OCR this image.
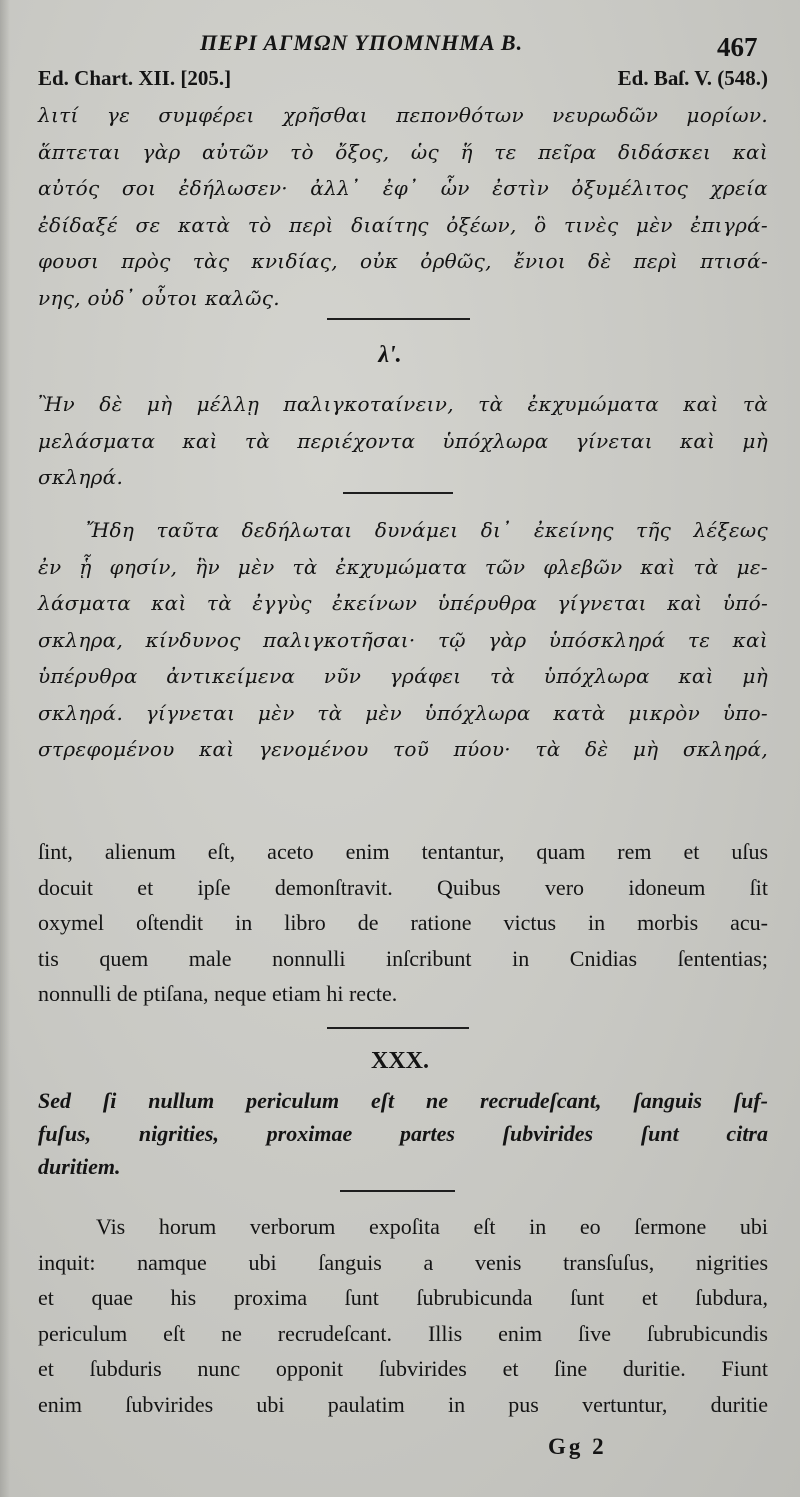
ΠΕΡΙ ΑΓΜΩΝ ΥΠΟΜΝΗΜΑ Β.	467
Ed. Chart. XII. [205.]	Ed. Baſ. V. (548.)
λιτί γε συμφέρει χρῆσθαι πεπονθότων νευρωδῶν μορίων.
ἅπτεται γὰρ αὐτῶν τὸ ὄξος, ὡς ἥ τε πεῖρα διδάσκει καὶ
αὐτός σοι ἐδήλωσεν· ἀλλ᾽ ἐφ᾽ ὧν ἐστὶν ὀξυμέλιτος χρεία
ἐδίδαξέ σε κατὰ τὸ περὶ διαίτης ὀξέων, ὃ τινὲς μὲν ἐπιγρά-
φουσι πρὸς τὰς κνιδίας, οὐκ ὀρθῶς, ἔνιοι δὲ περὶ πτισά-
νης, οὐδ᾽ οὗτοι καλῶς.
λ'.
Ἢν δὲ μὴ μέλλῃ παλιγκοταίνειν, τὰ ἐκχυμώματα καὶ τὰ
μελάσματα καὶ τὰ περιέχοντα ὑπόχλωρα γίνεται καὶ μὴ
σκληρά.
Ἤδη ταῦτα δεδήλωται δυνάμει δι᾽ ἐκείνης τῆς λέξεως
ἐν ᾗ φησίν, ἣν μὲν τὰ ἐκχυμώματα τῶν φλεβῶν καὶ τὰ με-
λάσματα καὶ τὰ ἐγγὺς ἐκείνων ὑπέρυθρα γίγνεται καὶ ὑπό-
σκληρα, κίνδυνος παλιγκοτῆσαι· τῷ γὰρ ὑπόσκληρά τε καὶ
ὑπέρυθρα ἀντικείμενα νῦν γράφει τὰ ὑπόχλωρα καὶ μὴ
σκληρά. γίγνεται μὲν τὰ μὲν ὑπόχλωρα κατὰ μικρὸν ὑπο-
στρεφομένου καὶ γενομένου τοῦ πύου· τὰ δὲ μὴ σκληρά,
ſint, alienum eſt, aceto enim tentantur, quam rem et uſus
docuit et ipſe demonſtravit. Quibus vero idoneum ſit
oxymel oſtendit in libro de ratione victus in morbis acu-
tis quem male nonnulli inſcribunt in Cnidias ſententias;
nonnulli de ptiſana, neque etiam hi recte.
XXX.
Sed ſi nullum periculum eſt ne recrudeſcant, ſanguis ſuf-
fuſus, nigrities, proximae partes ſubvirides ſunt citra
duritiem.
Vis horum verborum expoſita eſt in eo ſermone ubi
inquit: namque ubi ſanguis a venis transſuſus, nigrities
et quae his proxima ſunt ſubrubicunda ſunt et ſubdura,
periculum eſt ne recrudeſcant. Illis enim ſive ſubrubicundis
et ſubduris nunc opponit ſubvirides et ſine duritie. Fiunt
enim ſubvirides ubi paulatim in pus vertuntur, duritie
Gg 2
